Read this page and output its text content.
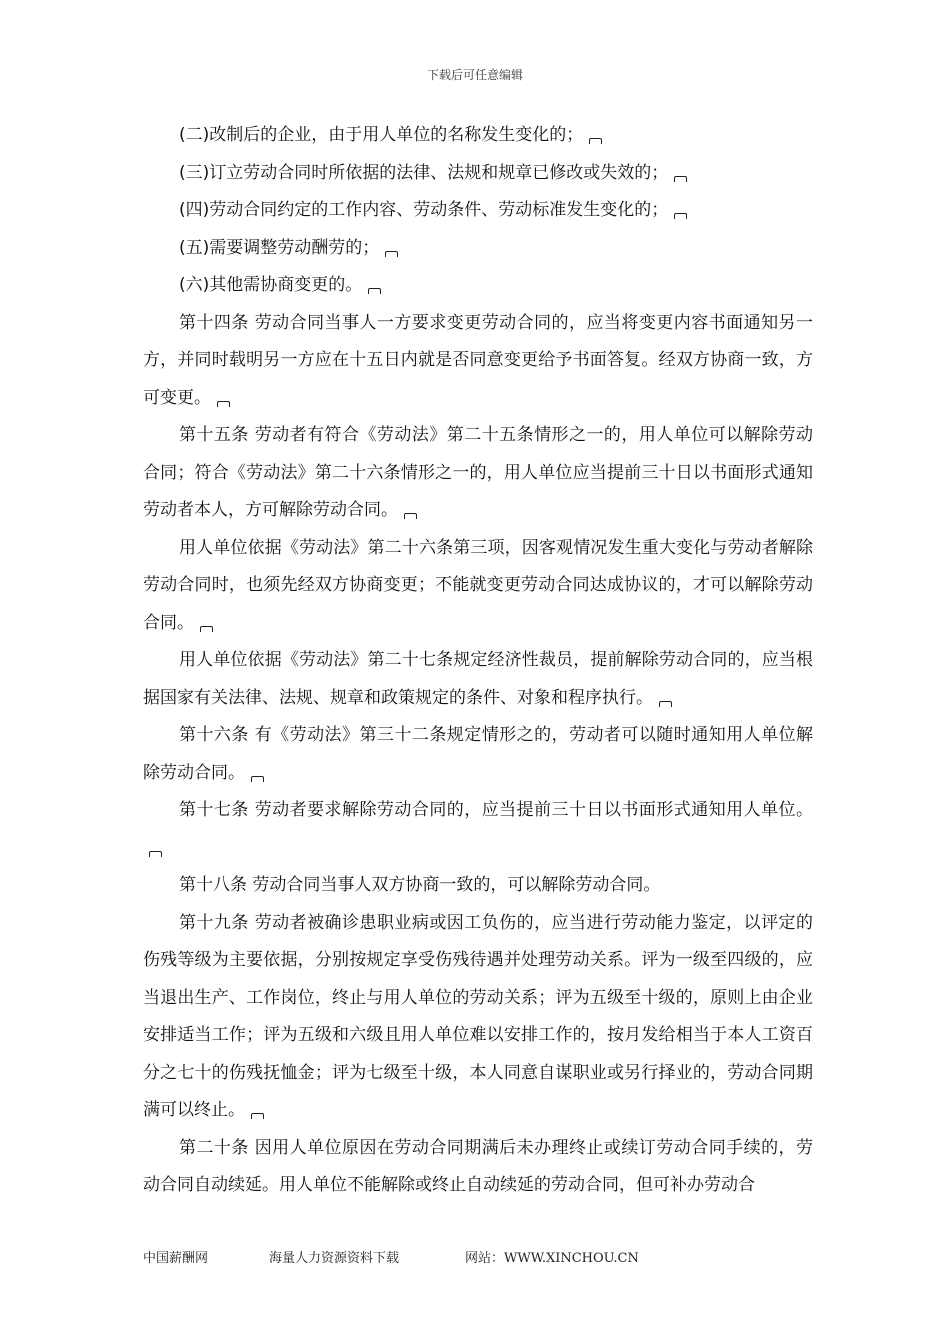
下载后可任意编辑

(二)改制后的企业，由于用人单位的名称发生变化的；

(三)订立劳动合同时所依据的法律、法规和规章已修改或失效的；

(四)劳动合同约定的工作内容、劳动条件、劳动标准发生变化的；

(五)需要调整劳动酬劳的；

(六)其他需协商变更的。

第十四条 劳动合同当事人一方要求变更劳动合同的，应当将变更内容书面通知另一方，并同时载明另一方应在十五日内就是否同意变更给予书面答复。经双方协商一致，方可变更。

第十五条 劳动者有符合《劳动法》第二十五条情形之一的，用人单位可以解除劳动合同；符合《劳动法》第二十六条情形之一的，用人单位应当提前三十日以书面形式通知劳动者本人，方可解除劳动合同。

用人单位依据《劳动法》第二十六条第三项，因客观情况发生重大变化与劳动者解除劳动合同时，也须先经双方协商变更；不能就变更劳动合同达成协议的，才可以解除劳动合同。

用人单位依据《劳动法》第二十七条规定经济性裁员，提前解除劳动合同的，应当根据国家有关法律、法规、规章和政策规定的条件、对象和程序执行。

第十六条 有《劳动法》第三十二条规定情形之的，劳动者可以随时通知用人单位解除劳动合同。

第十七条 劳动者要求解除劳动合同的，应当提前三十日以书面形式通知用人单位。

第十八条 劳动合同当事人双方协商一致的，可以解除劳动合同。

第十九条 劳动者被确诊患职业病或因工负伤的，应当进行劳动能力鉴定，以评定的伤残等级为主要依据，分别按规定享受伤残待遇并处理劳动关系。评为一级至四级的，应当退出生产、工作岗位，终止与用人单位的劳动关系；评为五级至十级的，原则上由企业安排适当工作；评为五级和六级且用人单位难以安排工作的，按月发给相当于本人工资百分之七十的伤残抚恤金；评为七级至十级，本人同意自谋职业或另行择业的，劳动合同期满可以终止。

第二十条 因用人单位原因在劳动合同期满后未办理终止或续订劳动合同手续的，劳动合同自动续延。用人单位不能解除或终止自动续延的劳动合同，但可补办劳动合

中国薪酬网	海量人力资源资料下载	网站：WWW.XINCHOU.CN
